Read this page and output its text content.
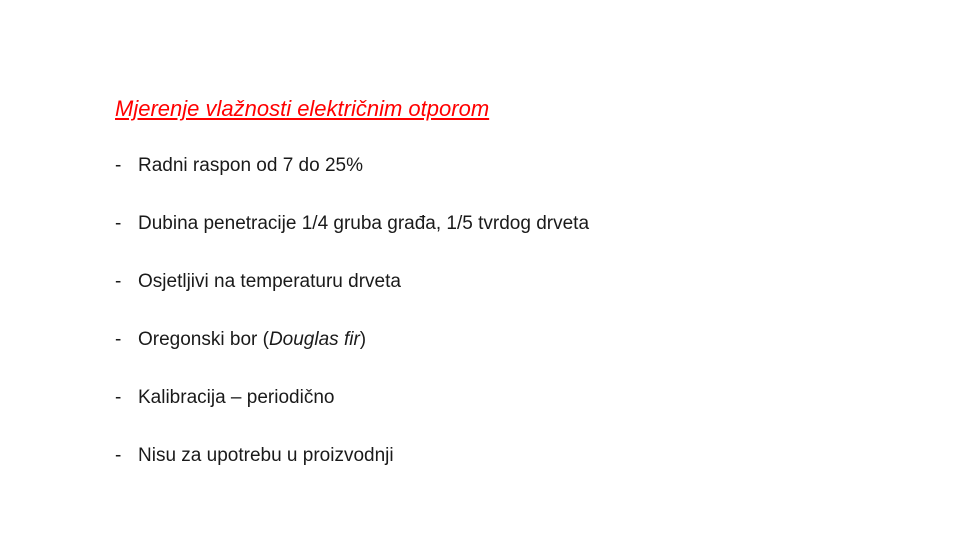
Mjerenje vlažnosti električnim otporom
- Radni raspon od 7 do 25%
- Dubina penetracije 1/4 gruba građa, 1/5 tvrdog drveta
- Osjetljivi na temperaturu drveta
- Oregonski bor (Douglas fir)
- Kalibracija – periodično
- Nisu za upotrebu u proizvodnji
